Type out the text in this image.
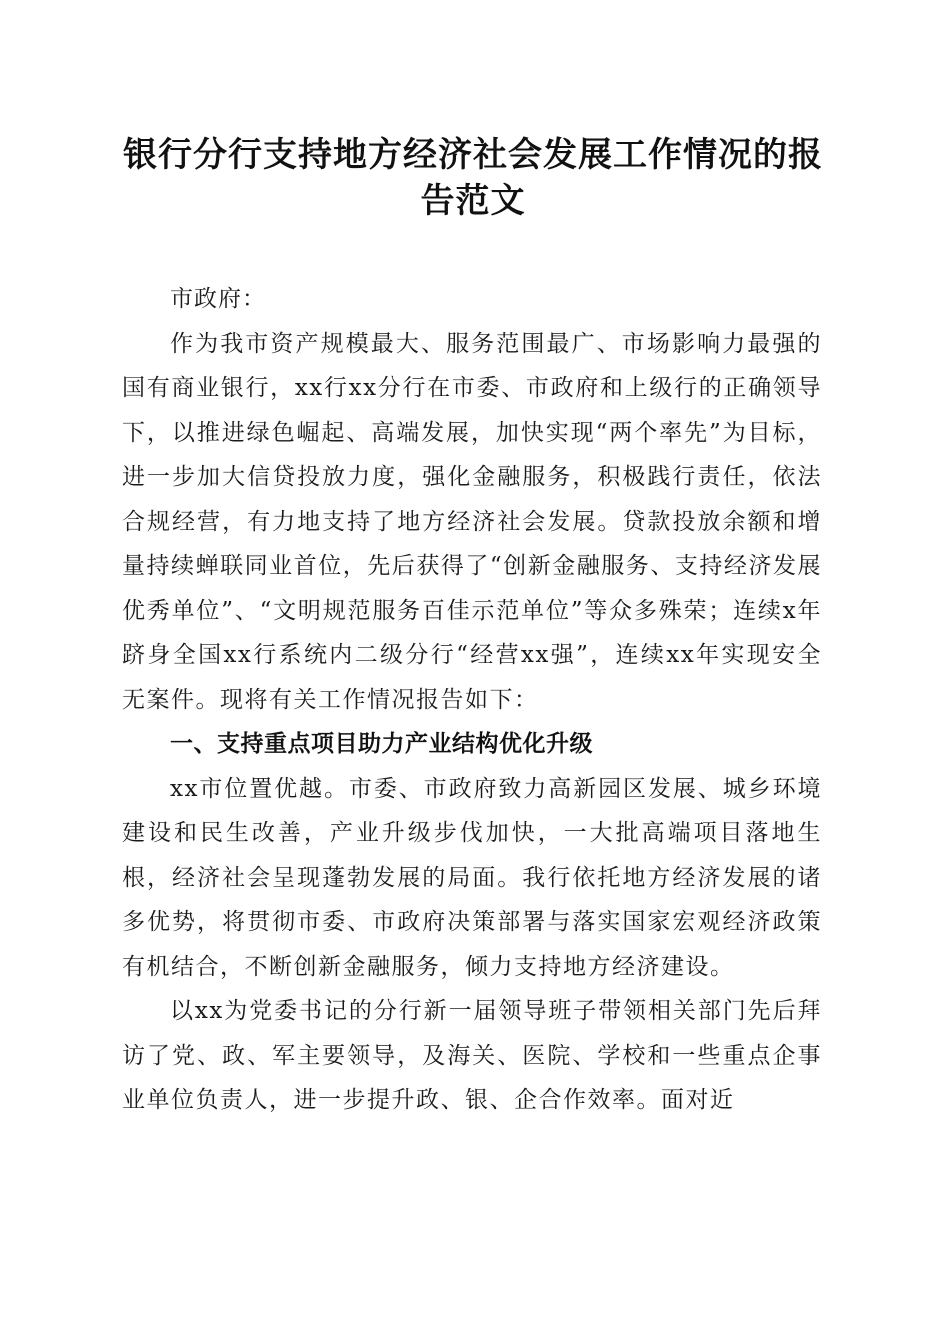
银行分行支持地方经济社会发展工作情况的报告范文

市政府：

作为我市资产规模最大、服务范围最广、市场影响力最强的国有商业银行，xx行xx分行在市委、市政府和上级行的正确领导下，以推进绿色崛起、高端发展，加快实现“两个率先”为目标，进一步加大信贷投放力度，强化金融服务，积极践行责任，依法合规经营，有力地支持了地方经济社会发展。贷款投放余额和增量持续蝉联同业首位，先后获得了“创新金融服务、支持经济发展优秀单位”、“文明规范服务百佳示范单位”等众多殊荣；连续x年跻身全国xx行系统内二级分行“经营xx强”，连续xx年实现安全无案件。现将有关工作情况报告如下：

一、支持重点项目助力产业结构优化升级

xx市位置优越。市委、市政府致力高新园区发展、城乡环境建设和民生改善，产业升级步伐加快，一大批高端项目落地生根，经济社会呈现蓬勃发展的局面。我行依托地方经济发展的诸多优势，将贯彻市委、市政府决策部署与落实国家宏观经济政策有机结合，不断创新金融服务，倾力支持地方经济建设。

以xx为党委书记的分行新一届领导班子带领相关部门先后拜访了党、政、军主要领导，及海关、医院、学校和一些重点企事业单位负责人，进一步提升政、银、企合作效率。面对近
